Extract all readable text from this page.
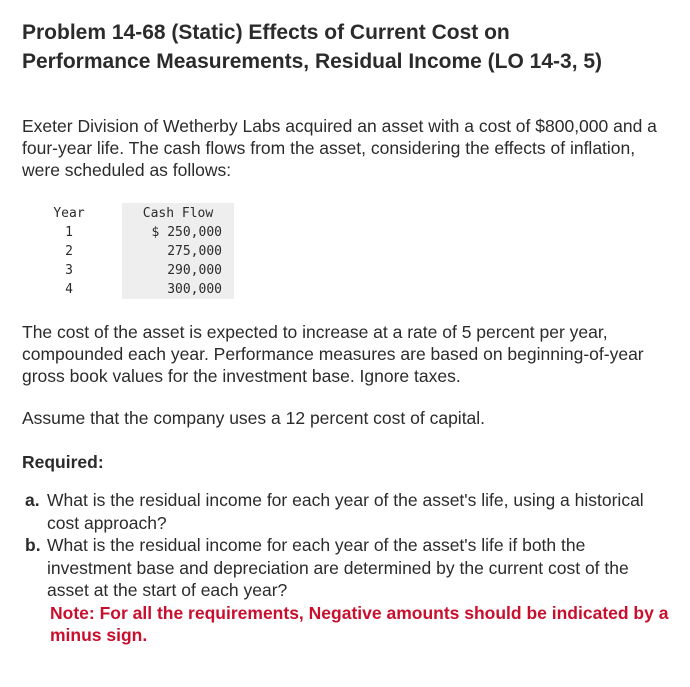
Problem 14-68 (Static) Effects of Current Cost on
Performance Measurements, Residual Income (LO 14-3, 5)

Exeter Division of Wetherby Labs acquired an asset with a cost of $800,000 and a four-year life. The cash flows from the asset, considering the effects of inflation, were scheduled as follows:

Year		Cash Flow
1		$ 250,000
2		275,000
3		290,000
4		300,000

The cost of the asset is expected to increase at a rate of 5 percent per year, compounded each year. Performance measures are based on beginning-of-year gross book values for the investment base. Ignore taxes.

Assume that the company uses a 12 percent cost of capital.

Required:

a. What is the residual income for each year of the asset's life, using a historical cost approach?
b. What is the residual income for each year of the asset's life if both the investment base and depreciation are determined by the current cost of the asset at the start of each year?
Note: For all the requirements, Negative amounts should be indicated by a minus sign.
